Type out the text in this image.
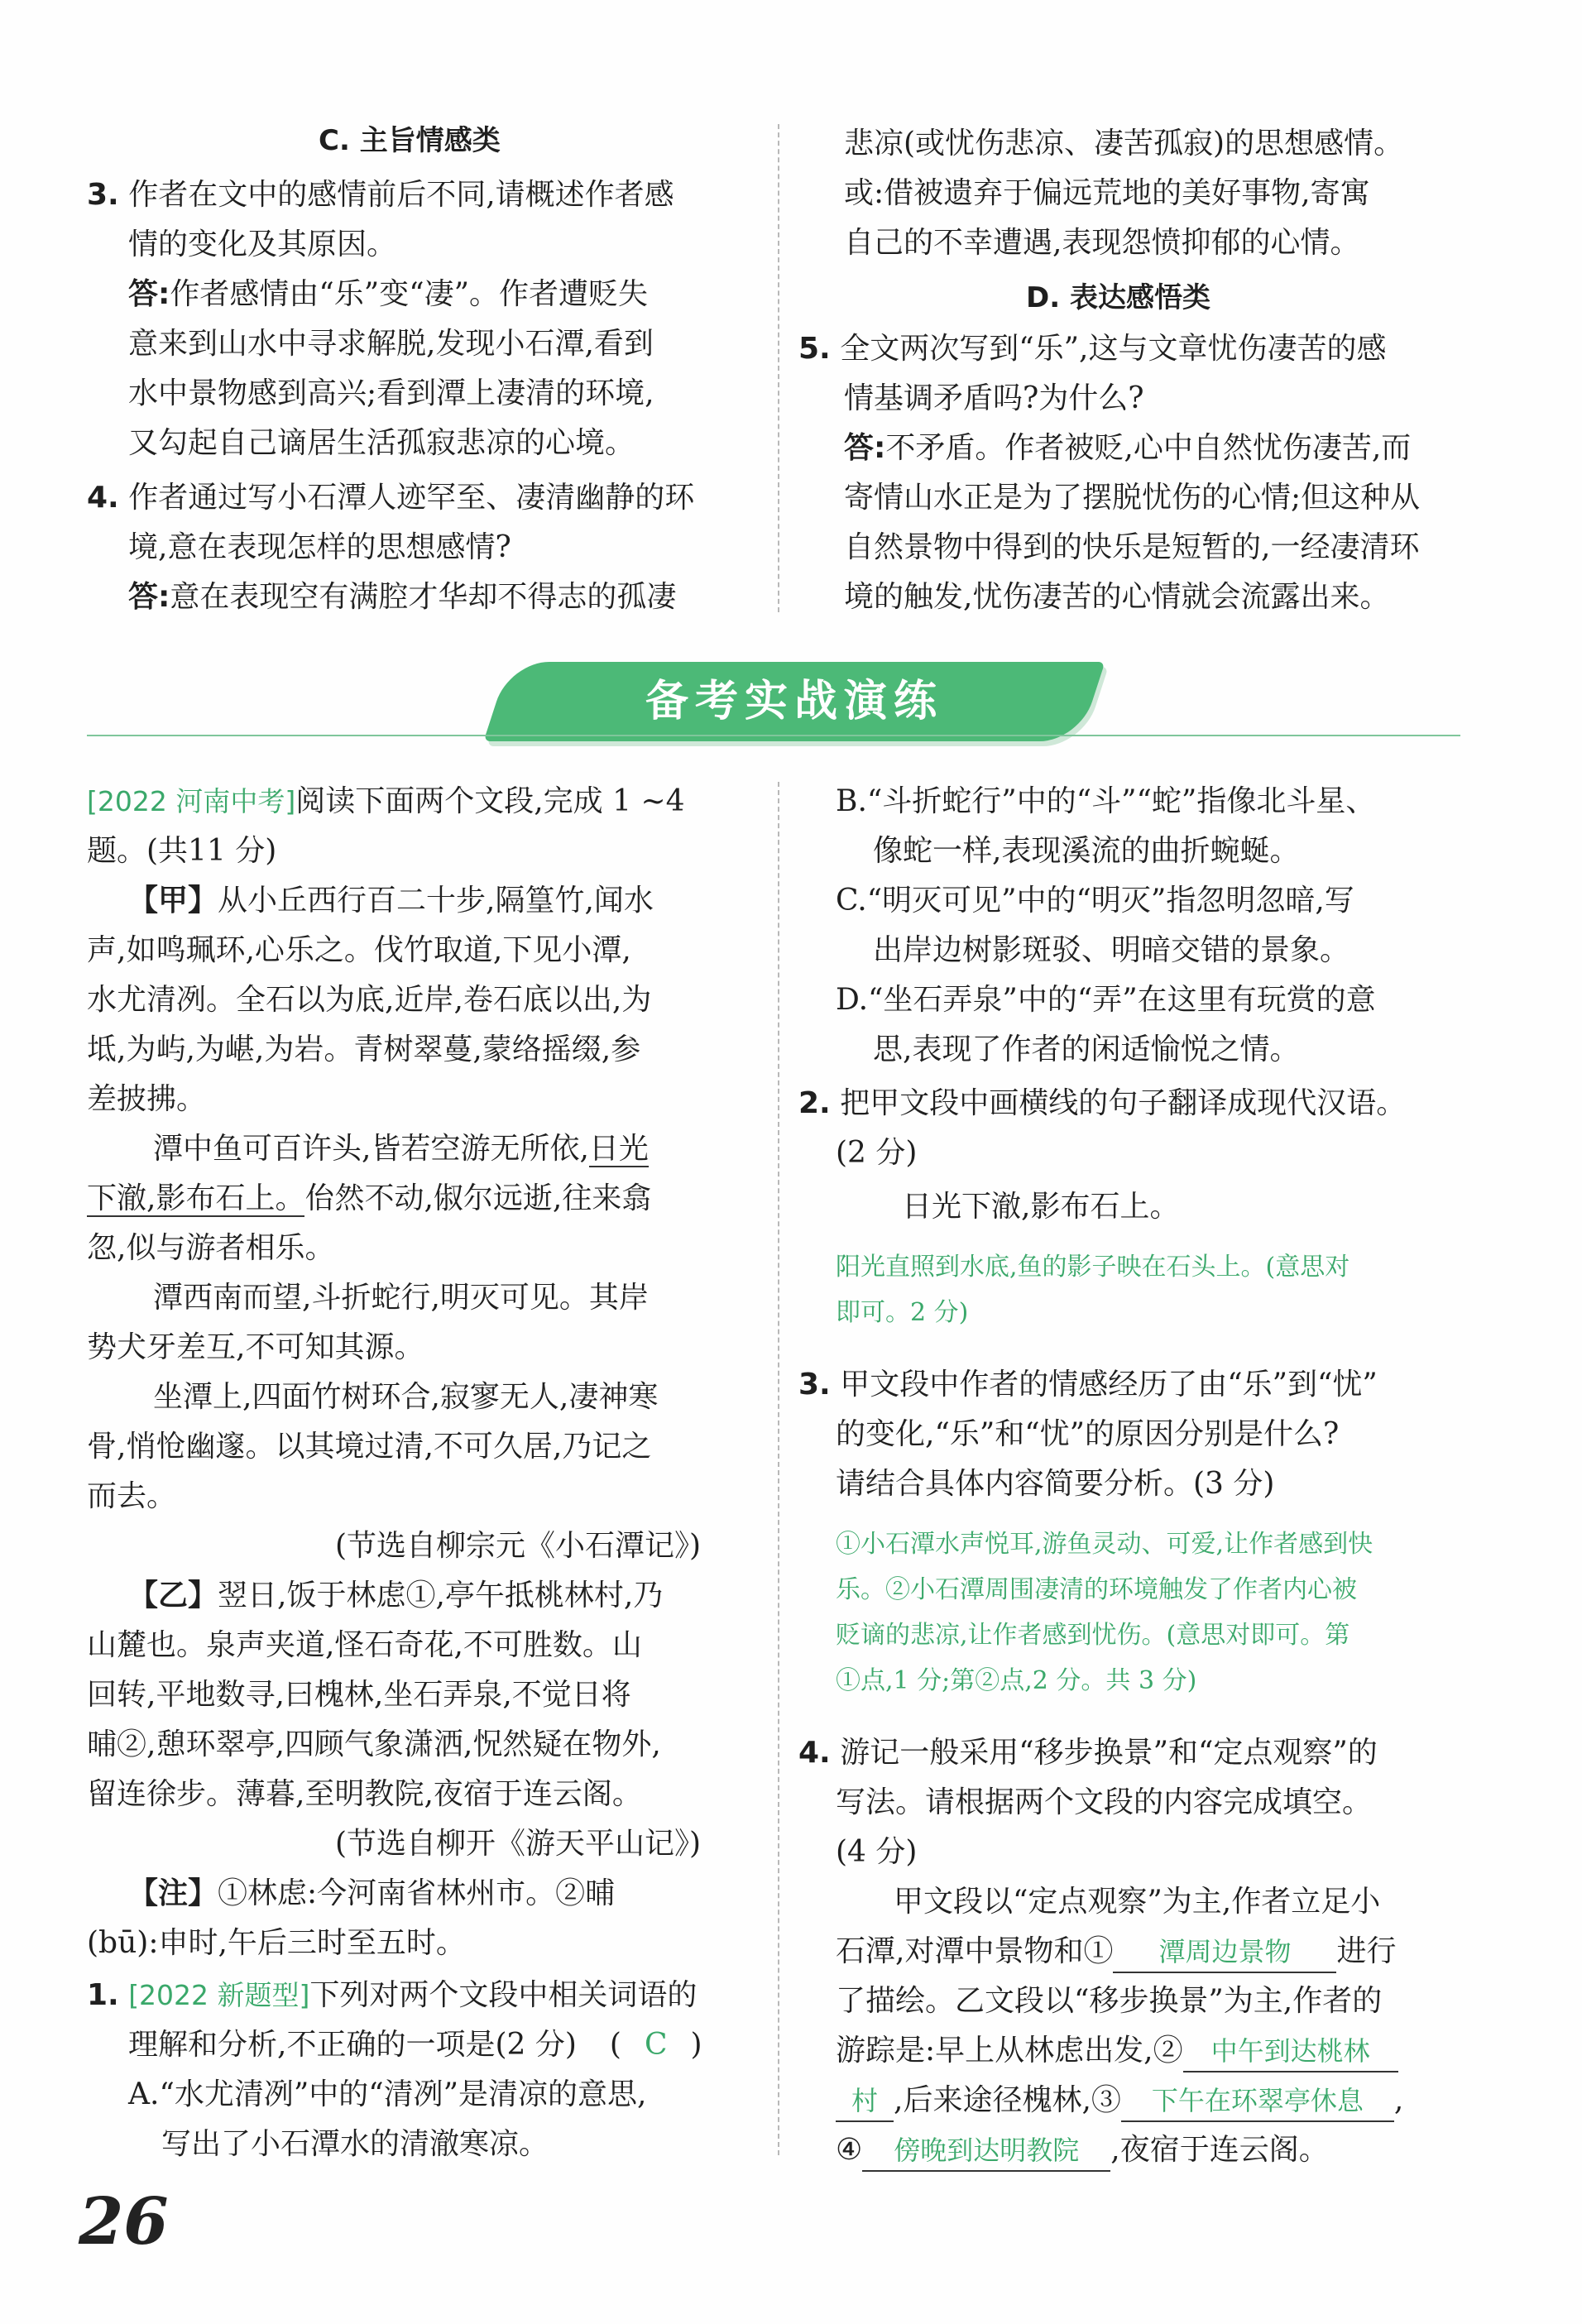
C. 主旨情感类
3. 作者在文中的感情前后不同,请概述作者感
情的变化及其原因。
答:作者感情由“乐”变“凄”。作者遭贬失
意来到山水中寻求解脱,发现小石潭,看到
水中景物感到高兴;看到潭上凄清的环境,
又勾起自己谪居生活孤寂悲凉的心境。
4. 作者通过写小石潭人迹罕至、凄清幽静的环
境,意在表现怎样的思想感情?
答:意在表现空有满腔才华却不得志的孤凄
悲凉(或忧伤悲凉、凄苦孤寂)的思想感情。
或:借被遗弃于偏远荒地的美好事物,寄寓
自己的不幸遭遇,表现怨愤抑郁的心情。
D. 表达感悟类
5. 全文两次写到“乐”,这与文章忧伤凄苦的感
情基调矛盾吗?为什么?
答:不矛盾。作者被贬,心中自然忧伤凄苦,而
寄情山水正是为了摆脱忧伤的心情;但这种从
自然景物中得到的快乐是短暂的,一经凄清环
境的触发,忧伤凄苦的心情就会流露出来。
备考实战演练
[2022 河南中考]阅读下面两个文段,完成 1 ~4
题。(共11 分)
【甲】从小丘西行百二十步,隔篁竹,闻水
声,如鸣珮环,心乐之。伐竹取道,下见小潭,
水尤清冽。全石以为底,近岸,卷石底以出,为
坻,为屿,为嵁,为岩。青树翠蔓,蒙络摇缀,参
差披拂。
潭中鱼可百许头,皆若空游无所依,日光
下澈,影布石上。佁然不动,俶尔远逝,往来翕
忽,似与游者相乐。
潭西南而望,斗折蛇行,明灭可见。其岸
势犬牙差互,不可知其源。
坐潭上,四面竹树环合,寂寥无人,凄神寒
骨,悄怆幽邃。以其境过清,不可久居,乃记之
而去。
(节选自柳宗元《小石潭记》)
【乙】翌日,饭于林虑①,亭午抵桃林村,乃
山麓也。泉声夹道,怪石奇花,不可胜数。山
回转,平地数寻,曰槐林,坐石弄泉,不觉日将
晡②,憩环翠亭,四顾气象潇洒,怳然疑在物外,
留连徐步。薄暮,至明教院,夜宿于连云阁。
(节选自柳开《游天平山记》)
【注】①林虑:今河南省林州市。②晡
(bū):申时,午后三时至五时。
1. [2022 新题型]下列对两个文段中相关词语的
理解和分析,不正确的一项是(2 分) ( C )
A.“水尤清冽”中的“清冽”是清凉的意思,
写出了小石潭水的清澈寒凉。
B.“斗折蛇行”中的“斗”“蛇”指像北斗星、
像蛇一样,表现溪流的曲折蜿蜒。
C.“明灭可见”中的“明灭”指忽明忽暗,写
出岸边树影斑驳、明暗交错的景象。
D.“坐石弄泉”中的“弄”在这里有玩赏的意
思,表现了作者的闲适愉悦之情。
2. 把甲文段中画横线的句子翻译成现代汉语。
(2 分)
日光下澈,影布石上。
阳光直照到水底,鱼的影子映在石头上。(意思对
即可。2 分)
3. 甲文段中作者的情感经历了由“乐”到“忧”
的变化,“乐”和“忧”的原因分别是什么?
请结合具体内容简要分析。(3 分)
①小石潭水声悦耳,游鱼灵动、可爱,让作者感到快
乐。②小石潭周围凄清的环境触发了作者内心被
贬谪的悲凉,让作者感到忧伤。(意思对即可。第
①点,1 分;第②点,2 分。共 3 分)
4. 游记一般采用“移步换景”和“定点观察”的
写法。请根据两个文段的内容完成填空。
(4 分)
甲文段以“定点观察”为主,作者立足小
石潭,对潭中景物和① 潭周边景物 进行
了描绘。乙文段以“移步换景”为主,作者的
游踪是:早上从林虑出发,② 中午到达桃林
村 ,后来途径槐林,③ 下午在环翠亭休息 ,
④ 傍晚到达明教院 ,夜宿于连云阁。
26
